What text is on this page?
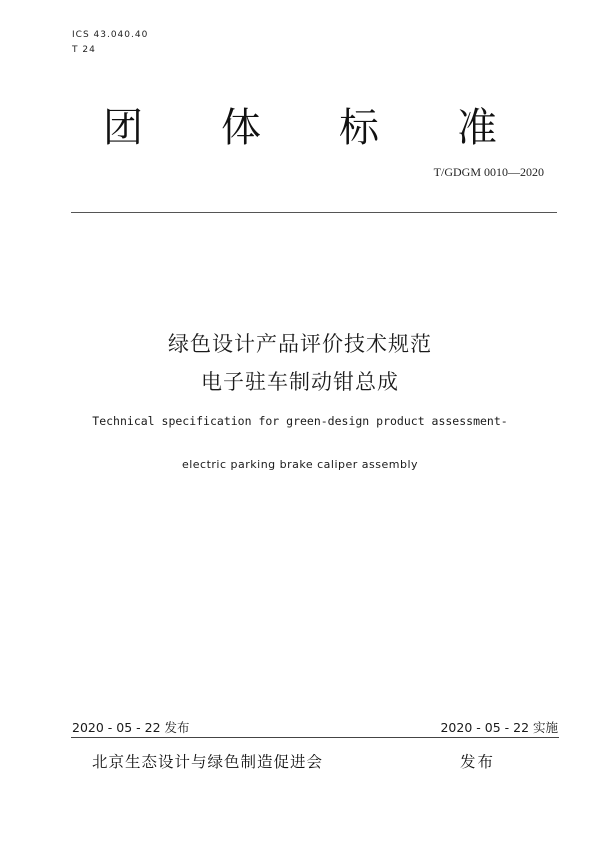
ICS 43.040.40
T 24
团体标准
T/GDGM 0010—2020
绿色设计产品评价技术规范
电子驻车制动钳总成
Technical specification for green-design product assessment-
electric parking brake caliper assembly
2020 - 05 - 22 发布	2020 - 05 - 22 实施
北京生态设计与绿色制造促进会	发布
